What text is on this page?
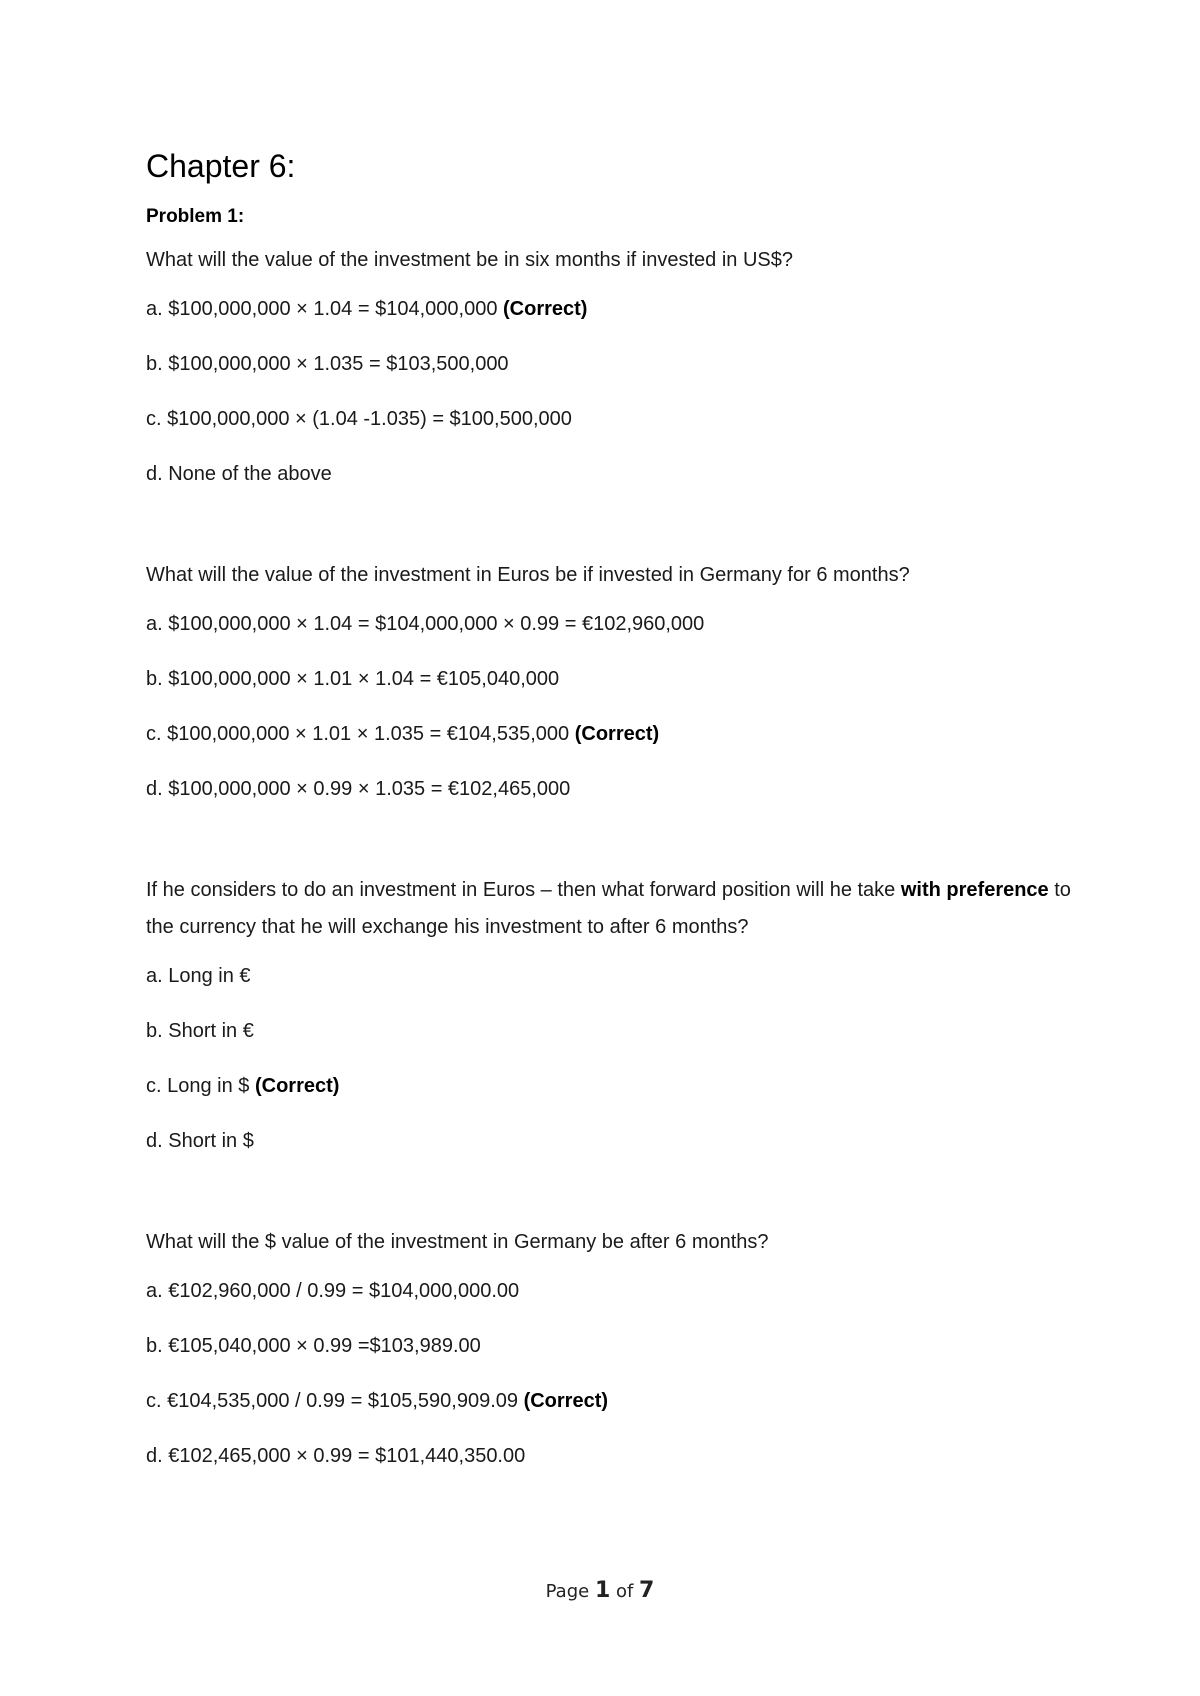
Chapter 6:
Problem 1:

What will the value of the investment be in six months if invested in US$?

a. $100,000,000 × 1.04 = $104,000,000 (Correct)

b. $100,000,000 × 1.035 = $103,500,000

c. $100,000,000 × (1.04 -1.035) = $100,500,000

d. None of the above

What will the value of the investment in Euros be if invested in Germany for 6 months?

a. $100,000,000 × 1.04 = $104,000,000 × 0.99 = €102,960,000

b. $100,000,000 × 1.01 × 1.04 = €105,040,000

c. $100,000,000 × 1.01 × 1.035 = €104,535,000 (Correct)

d. $100,000,000 × 0.99 × 1.035 = €102,465,000

If he considers to do an investment in Euros – then what forward position will he take with preference to the currency that he will exchange his investment to after 6 months?

a. Long in €

b. Short in €

c. Long in $ (Correct)

d. Short in $

What will the $ value of the investment in Germany be after 6 months?

a. €102,960,000 / 0.99 = $104,000,000.00

b. €105,040,000 × 0.99 =$103,989.00

c. €104,535,000 / 0.99 = $105,590,909.09 (Correct)

d. €102,465,000 × 0.99 = $101,440,350.00

Page 1 of 7
